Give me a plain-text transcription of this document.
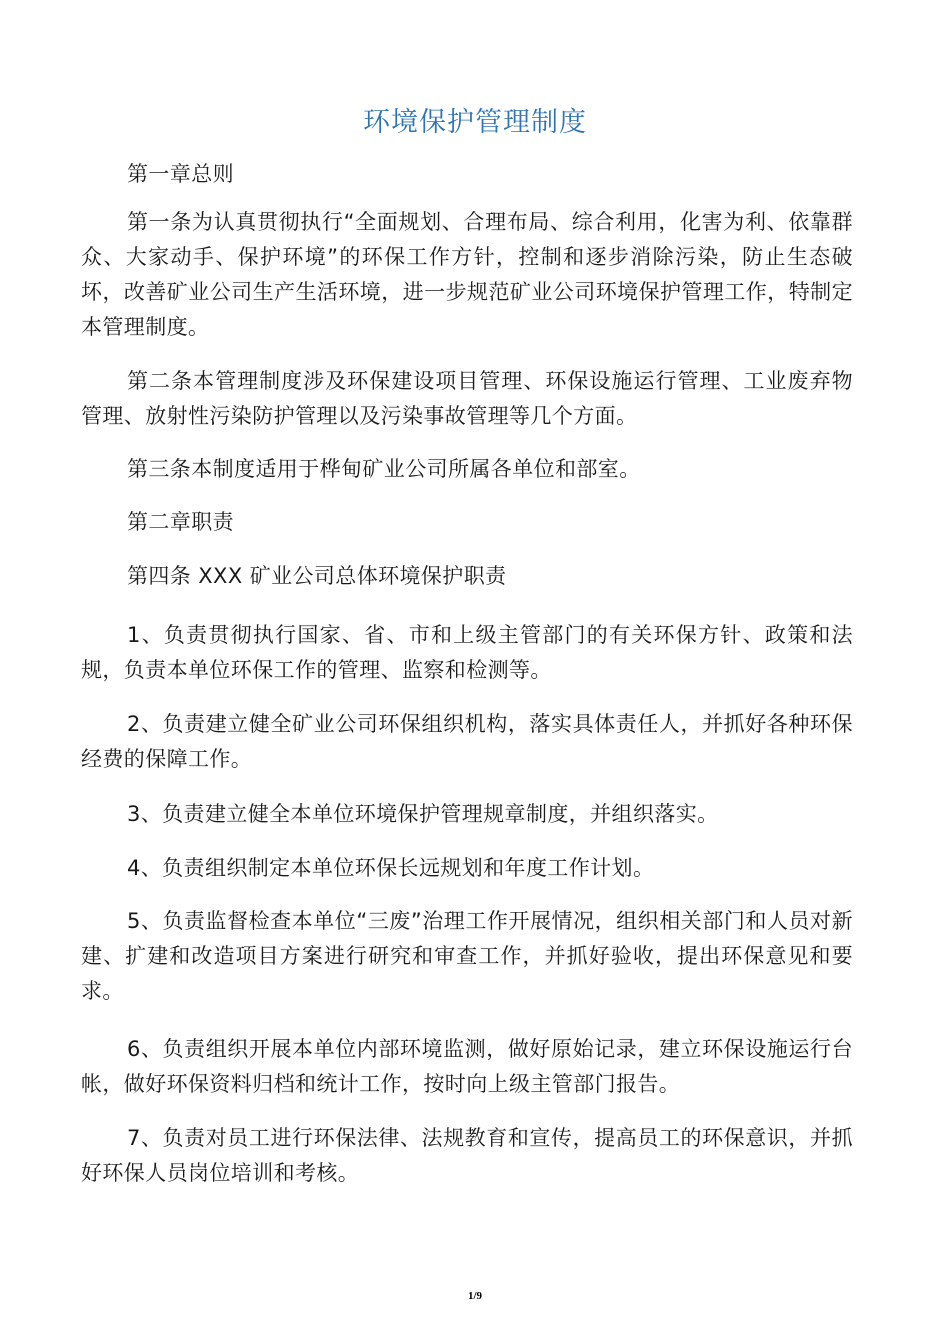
环境保护管理制度

第一章总则

第一条为认真贯彻执行“全面规划、合理布局、综合利用，化害为利、依靠群众、大家动手、保护环境”的环保工作方针，控制和逐步消除污染，防止生态破坏，改善矿业公司生产生活环境，进一步规范矿业公司环境保护管理工作，特制定本管理制度。

第二条本管理制度涉及环保建设项目管理、环保设施运行管理、工业废弃物管理、放射性污染防护管理以及污染事故管理等几个方面。

第三条本制度适用于桦甸矿业公司所属各单位和部室。

第二章职责

第四条 XXX 矿业公司总体环境保护职责

1、负责贯彻执行国家、省、市和上级主管部门的有关环保方针、政策和法规，负责本单位环保工作的管理、监察和检测等。

2、负责建立健全矿业公司环保组织机构，落实具体责任人，并抓好各种环保经费的保障工作。

3、负责建立健全本单位环境保护管理规章制度，并组织落实。

4、负责组织制定本单位环保长远规划和年度工作计划。

5、负责监督检查本单位“三废”治理工作开展情况，组织相关部门和人员对新建、扩建和改造项目方案进行研究和审查工作，并抓好验收，提出环保意见和要求。

6、负责组织开展本单位内部环境监测，做好原始记录，建立环保设施运行台帐，做好环保资料归档和统计工作，按时向上级主管部门报告。

7、负责对员工进行环保法律、法规教育和宣传，提高员工的环保意识，并抓好环保人员岗位培训和考核。

1/9
